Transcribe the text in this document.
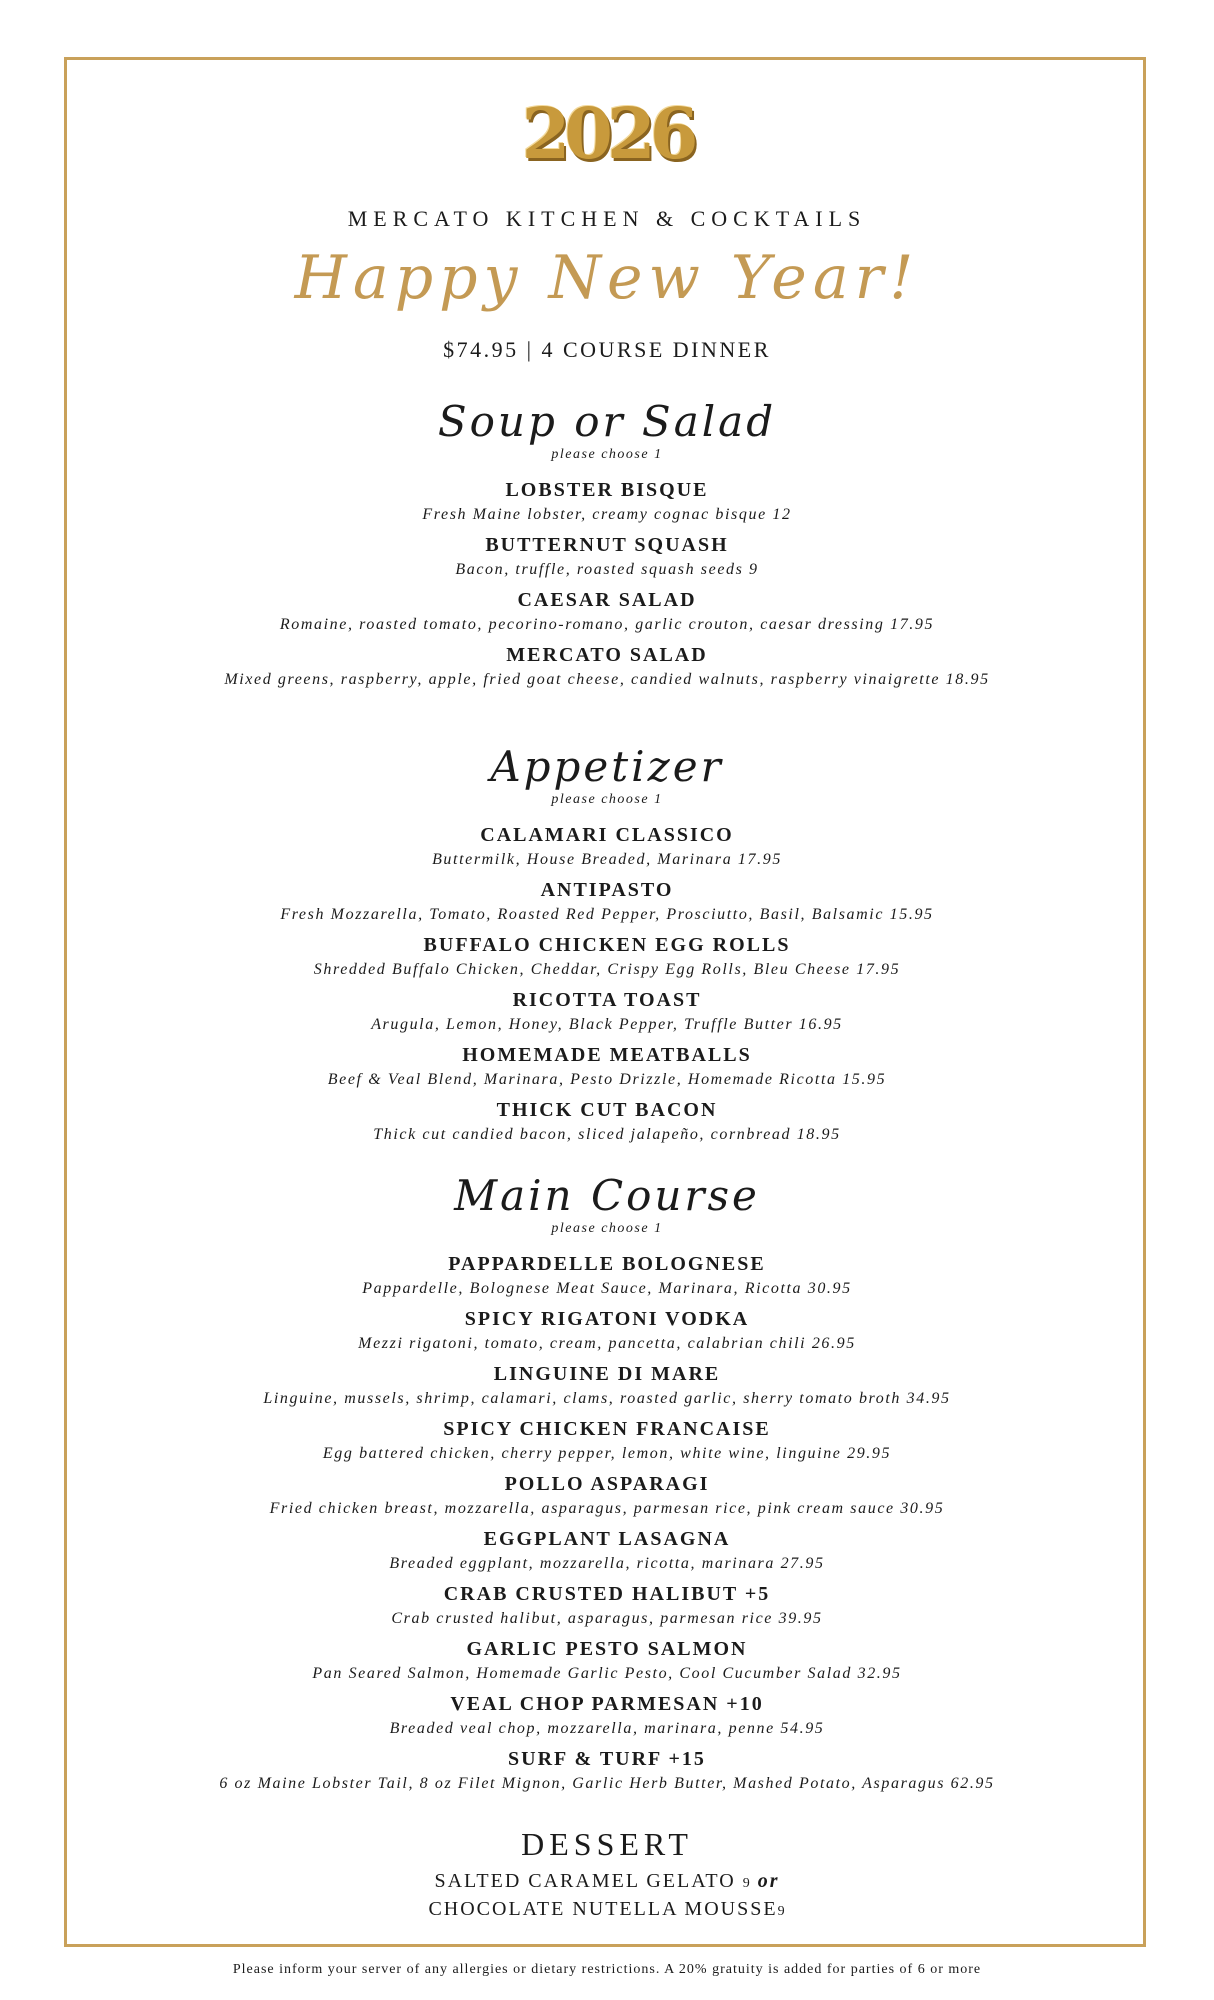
2026
MERCATO KITCHEN & COCKTAILS
Happy New Year!
$74.95 | 4 COURSE DINNER
Soup or Salad
please choose 1
LOBSTER BISQUE
Fresh Maine lobster, creamy cognac bisque 12
BUTTERNUT SQUASH
Bacon, truffle, roasted squash seeds 9
CAESAR SALAD
Romaine, roasted tomato, pecorino-romano, garlic crouton, caesar dressing 17.95
MERCATO SALAD
Mixed greens, raspberry, apple, fried goat cheese, candied walnuts, raspberry vinaigrette 18.95
Appetizer
please choose 1
CALAMARI CLASSICO
Buttermilk, House Breaded, Marinara 17.95
ANTIPASTO
Fresh Mozzarella, Tomato, Roasted Red Pepper, Prosciutto, Basil, Balsamic 15.95
BUFFALO CHICKEN EGG ROLLS
Shredded Buffalo Chicken, Cheddar, Crispy Egg Rolls, Bleu Cheese 17.95
RICOTTA TOAST
Arugula, Lemon, Honey, Black Pepper, Truffle Butter 16.95
HOMEMADE MEATBALLS
Beef & Veal Blend, Marinara, Pesto Drizzle, Homemade Ricotta 15.95
THICK CUT BACON
Thick cut candied bacon, sliced jalapeño, cornbread 18.95
Main Course
please choose 1
PAPPARDELLE BOLOGNESE
Pappardelle, Bolognese Meat Sauce, Marinara, Ricotta 30.95
SPICY RIGATONI VODKA
Mezzi rigatoni, tomato, cream, pancetta, calabrian chili 26.95
LINGUINE DI MARE
Linguine, mussels, shrimp, calamari, clams, roasted garlic, sherry tomato broth 34.95
SPICY CHICKEN FRANCAISE
Egg battered chicken, cherry pepper, lemon, white wine, linguine 29.95
POLLO ASPARAGI
Fried chicken breast, mozzarella, asparagus, parmesan rice, pink cream sauce 30.95
EGGPLANT LASAGNA
Breaded eggplant, mozzarella, ricotta, marinara 27.95
CRAB CRUSTED HALIBUT +5
Crab crusted halibut, asparagus, parmesan rice 39.95
GARLIC PESTO SALMON
Pan Seared Salmon, Homemade Garlic Pesto, Cool Cucumber Salad 32.95
VEAL CHOP PARMESAN +10
Breaded veal chop, mozzarella, marinara, penne 54.95
SURF & TURF +15
6 oz Maine Lobster Tail, 8 oz Filet Mignon, Garlic Herb Butter, Mashed Potato, Asparagus 62.95
DESSERT
SALTED CARAMEL GELATO 9 or
CHOCOLATE NUTELLA MOUSSE9
Please inform your server of any allergies or dietary restrictions. A 20% gratuity is added for parties of 6 or more
